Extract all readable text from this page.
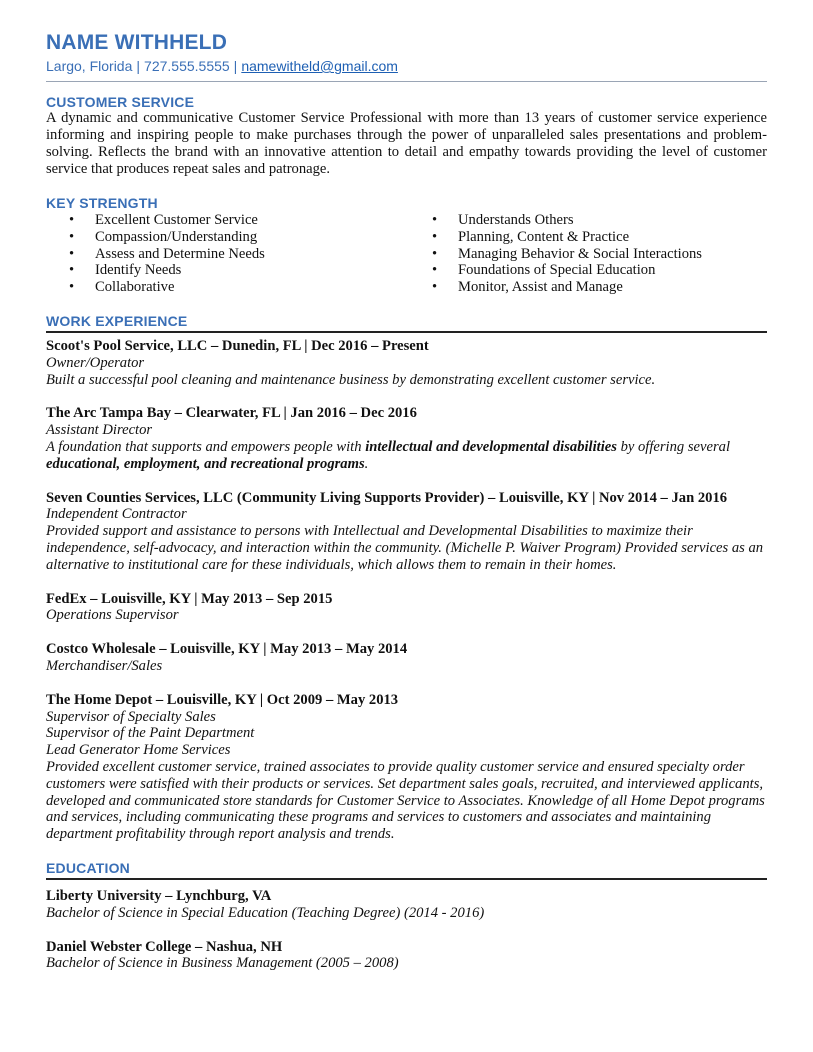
NAME WITHHELD
Largo, Florida | 727.555.5555 | namewitheld@gmail.com
CUSTOMER SERVICE

A dynamic and communicative Customer Service Professional with more than 13 years of customer service experience informing and inspiring people to make purchases through the power of unparalleled sales presentations and problem-solving. Reflects the brand with an innovative attention to detail and empathy towards providing the level of customer service that produces repeat sales and patronage.

KEY STRENGTH
• Excellent Customer Service
• Compassion/Understanding
• Assess and Determine Needs
• Identify Needs
• Collaborative
• Understands Others
• Planning, Content & Practice
• Managing Behavior & Social Interactions
• Foundations of Special Education
• Monitor, Assist and Manage
WORK EXPERIENCE
Scoot's Pool Service, LLC – Dunedin, FL | Dec 2016 – Present
Owner/Operator
Built a successful pool cleaning and maintenance business by demonstrating excellent customer service.
The Arc Tampa Bay – Clearwater, FL | Jan 2016 – Dec 2016
Assistant Director
A foundation that supports and empowers people with intellectual and developmental disabilities by offering several educational, employment, and recreational programs.
Seven Counties Services, LLC (Community Living Supports Provider) – Louisville, KY | Nov 2014 – Jan 2016
Independent Contractor
Provided support and assistance to persons with Intellectual and Developmental Disabilities to maximize their independence, self-advocacy, and interaction within the community. (Michelle P. Waiver Program) Provided services as an alternative to institutional care for these individuals, which allows them to remain in their homes.
FedEx – Louisville, KY | May 2013 – Sep 2015
Operations Supervisor
Costco Wholesale – Louisville, KY | May 2013 – May 2014
Merchandiser/Sales
The Home Depot – Louisville, KY | Oct 2009 – May 2013
Supervisor of Specialty Sales
Supervisor of the Paint Department
Lead Generator Home Services
Provided excellent customer service, trained associates to provide quality customer service and ensured specialty order customers were satisfied with their products or services. Set department sales goals, recruited, and interviewed applicants, developed and communicated store standards for Customer Service to Associates. Knowledge of all Home Depot programs and services, including communicating these programs and services to customers and associates and maintaining department profitability through report analysis and trends.
EDUCATION
Liberty University – Lynchburg, VA
Bachelor of Science in Special Education (Teaching Degree) (2014 - 2016)
Daniel Webster College – Nashua, NH
Bachelor of Science in Business Management (2005 – 2008)
